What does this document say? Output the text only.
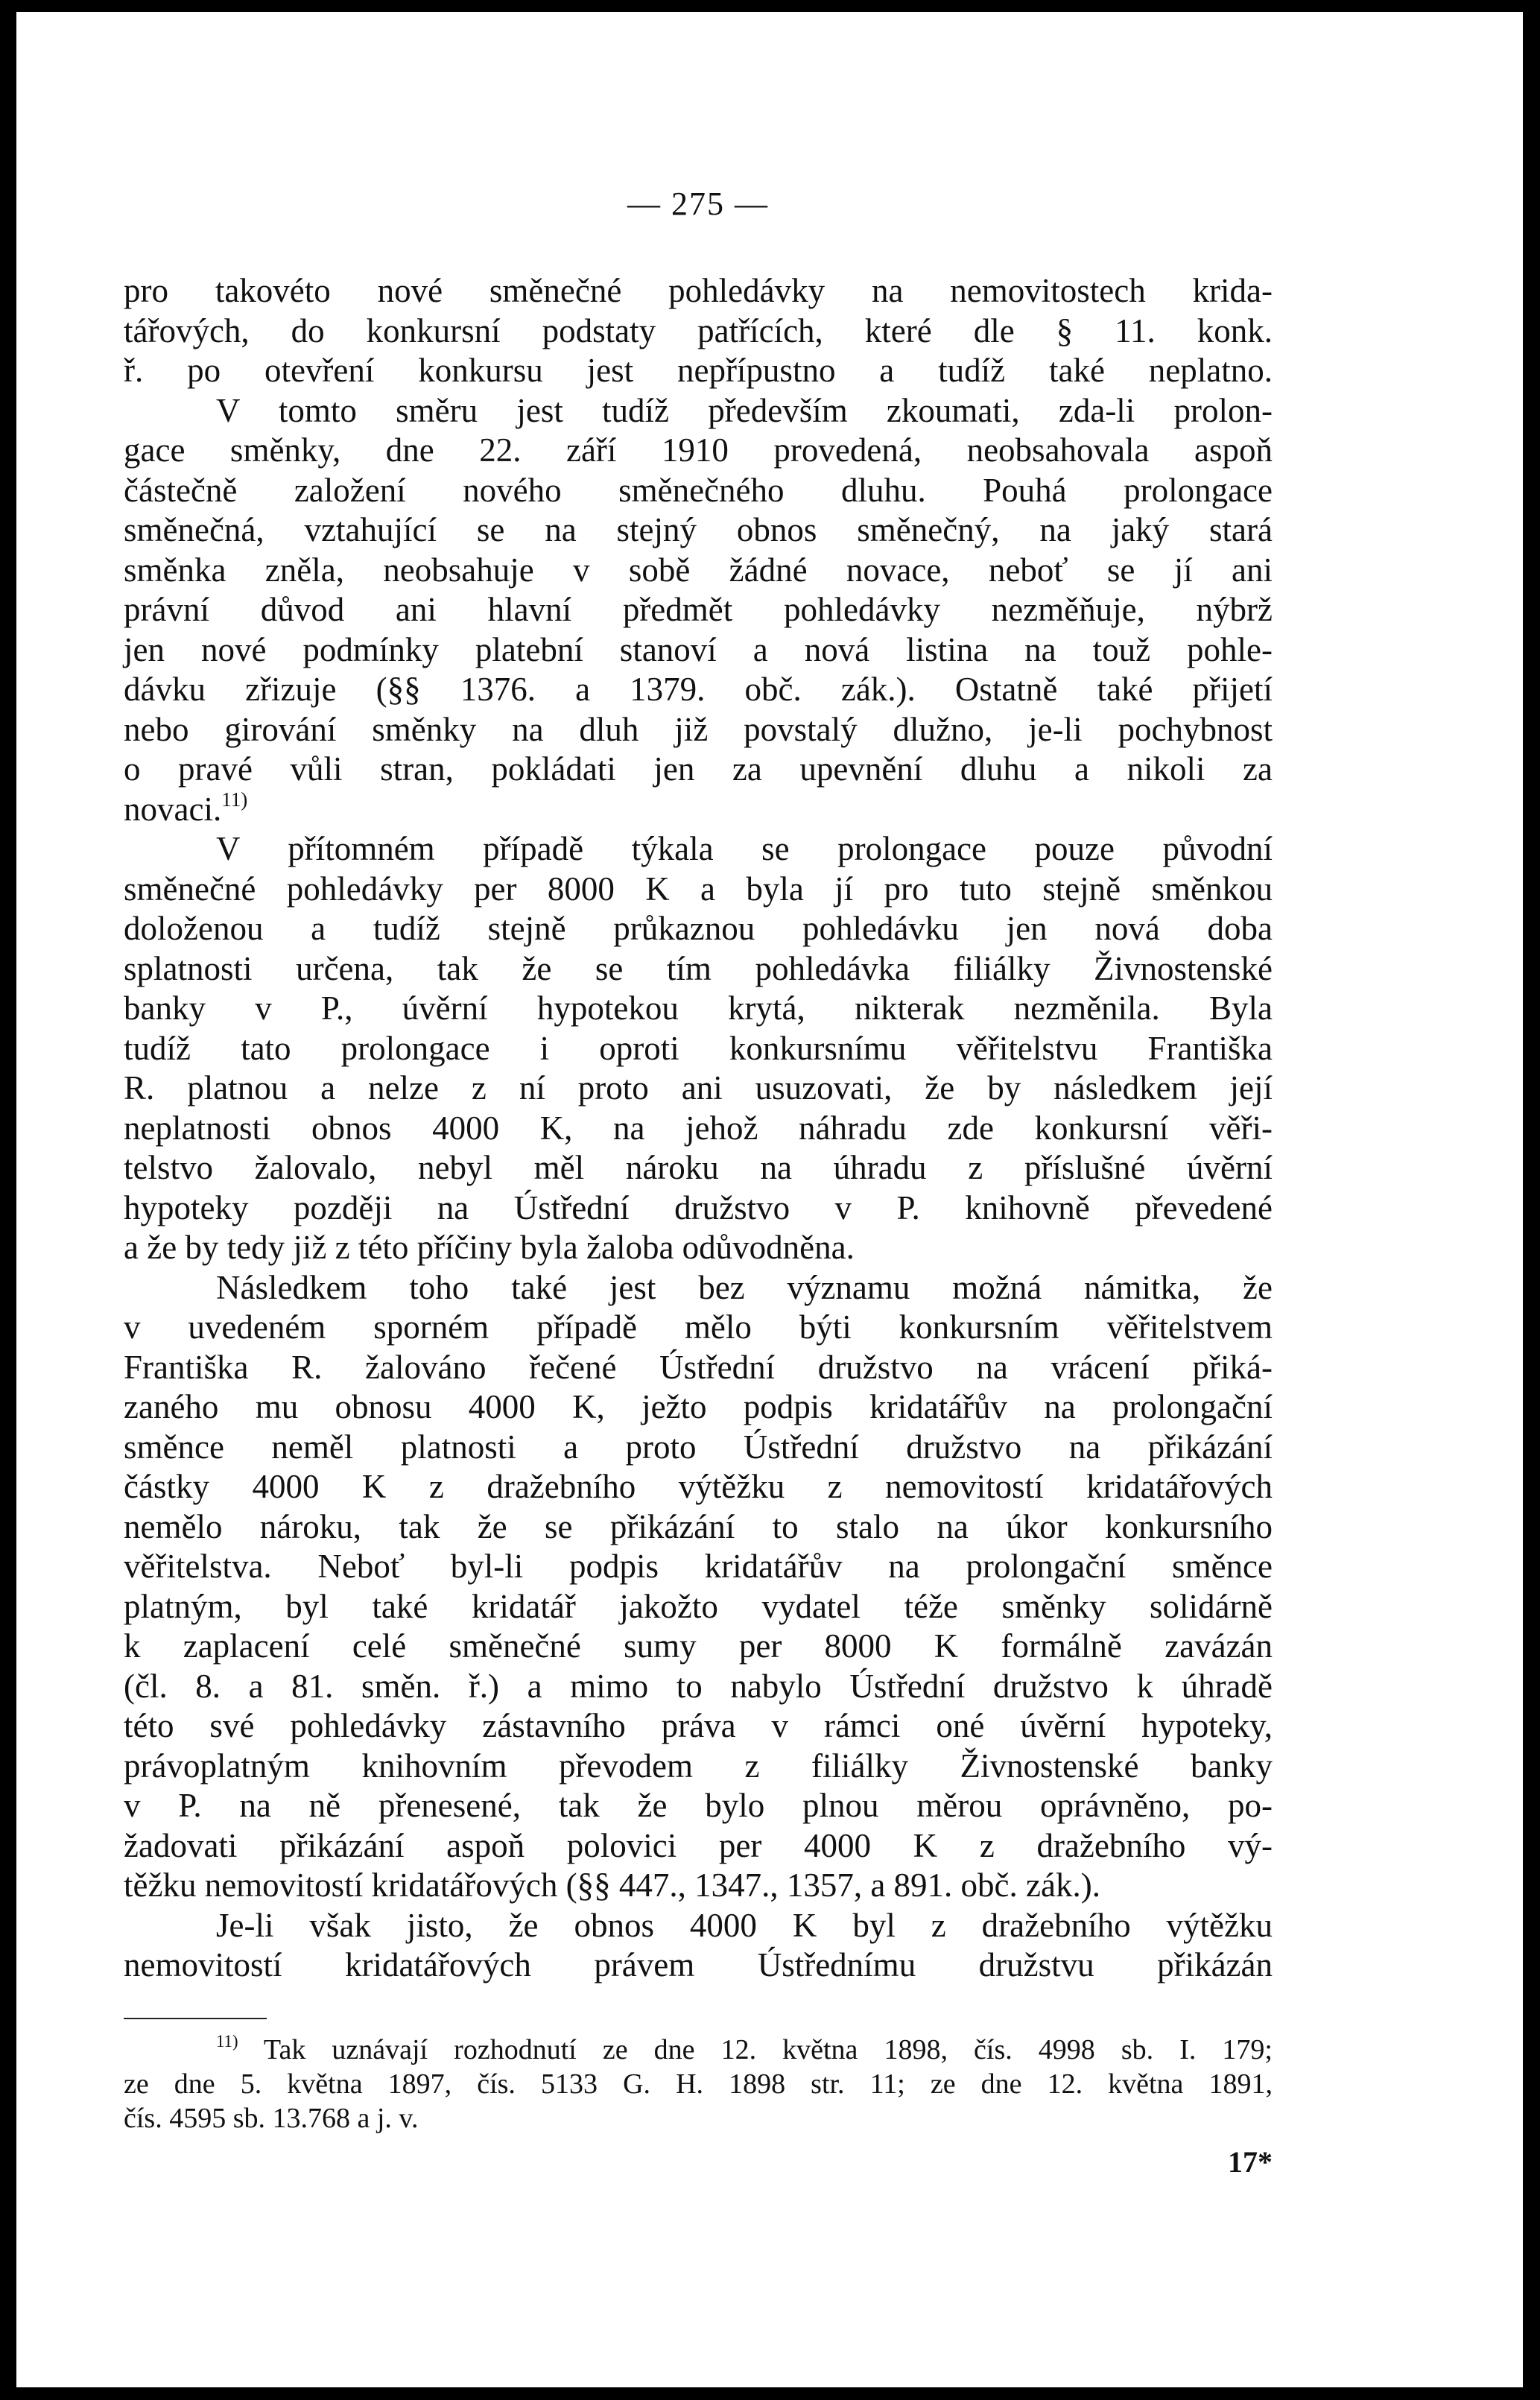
— 275 —
pro takovéto nové směnečné pohledávky na nemovitostech krida-
tářových, do konkursní podstaty patřících, které dle § 11. konk.
ř. po otevření konkursu jest nepřípustno a tudíž také neplatno.
V tomto směru jest tudíž především zkoumati, zda-li prolon-
gace směnky, dne 22. září 1910 provedená, neobsahovala aspoň
částečně založení nového směnečného dluhu. Pouhá prolongace
směnečná, vztahující se na stejný obnos směnečný, na jaký stará
směnka zněla, neobsahuje v sobě žádné novace, neboť se jí ani
právní důvod ani hlavní předmět pohledávky nezměňuje, nýbrž
jen nové podmínky platební stanoví a nová listina na touž pohle-
dávku zřizuje (§§ 1376. a 1379. obč. zák.). Ostatně také přijetí
nebo girování směnky na dluh již povstalý dlužno, je-li pochybnost
o pravé vůli stran, pokládati jen za upevnění dluhu a nikoli za
novaci.$^{11)}$
V přítomném případě týkala se prolongace pouze původní
směnečné pohledávky per 8000 K a byla jí pro tuto stejně směnkou
doloženou a tudíž stejně průkaznou pohledávku jen nová doba
splatnosti určena, tak že se tím pohledávka filiálky Živnostenské
banky v P., úvěrní hypotekou krytá, nikterak nezměnila. Byla
tudíž tato prolongace i oproti konkursnímu věřitelstvu Františka
R. platnou a nelze z ní proto ani usuzovati, že by následkem její
neplatnosti obnos 4000 K, na jehož náhradu zde konkursní věři-
telstvo žalovalo, nebyl měl nároku na úhradu z příslušné úvěrní
hypoteky později na Ústřední družstvo v P. knihovně převedené
a že by tedy již z této příčiny byla žaloba odůvodněna.
Následkem toho také jest bez významu možná námitka, že
v uvedeném sporném případě mělo býti konkursním věřitelstvem
Františka R. žalováno řečené Ústřední družstvo na vrácení přiká-
zaného mu obnosu 4000 K, ježto podpis kridatářův na prolongační
směnce neměl platnosti a proto Ústřední družstvo na přikázání
částky 4000 K z dražebního výtěžku z nemovitostí kridatářových
nemělo nároku, tak že se přikázání to stalo na úkor konkursního
věřitelstva. Neboť byl-li podpis kridatářův na prolongační směnce
platným, byl také kridatář jakožto vydatel téže směnky solidárně
k zaplacení celé směnečné sumy per 8000 K formálně zavázán
(čl. 8. a 81. směn. ř.) a mimo to nabylo Ústřední družstvo k úhradě
této své pohledávky zástavního práva v rámci oné úvěrní hypoteky,
právoplatným knihovním převodem z filiálky Živnostenské banky
v P. na ně přenesené, tak že bylo plnou měrou oprávněno, po-
žadovati přikázání aspoň polovici per 4000 K z dražebního vý-
těžku nemovitostí kridatářových (§§ 447., 1347., 1357, a 891. obč. zák.).
Je-li však jisto, že obnos 4000 K byl z dražebního výtěžku
nemovitostí kridatářových právem Ústřednímu družstvu přikázán
$^{11)}$ Tak uznávají rozhodnutí ze dne 12. května 1898, čís. 4998 sb. I. 179;
ze dne 5. května 1897, čís. 5133 G. H. 1898 str. 11; ze dne 12. května 1891,
čís. 4595 sb. 13.768 a j. v.
17*
